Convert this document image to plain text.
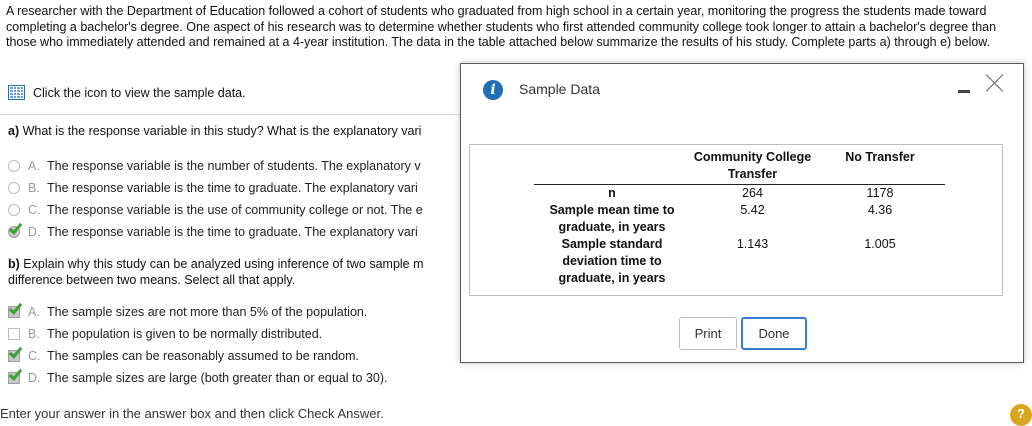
A researcher with the Department of Education followed a cohort of students who graduated from high school in a certain year, monitoring the progress the students made toward completing a bachelor's degree. One aspect of his research was to determine whether students who first attended community college took longer to attain a bachelor's degree than those who immediately attended and remained at a 4-year institution. The data in the table attached below summarize the results of his study. Complete parts a) through e) below.
Click the icon to view the sample data.
a) What is the response variable in this study? What is the explanatory vari
A. The response variable is the number of students. The explanatory v
B. The response variable is the time to graduate. The explanatory vari
C. The response variable is the use of community college or not. The e
D. The response variable is the time to graduate. The explanatory vari
b) Explain why this study can be analyzed using inference of two sample m
difference between two means. Select all that apply.
A. The sample sizes are not more than 5% of the population.
B. The population is given to be normally distributed.
C. The samples can be reasonably assumed to be random.
D. The sample sizes are large (both greater than or equal to 30).
Enter your answer in the answer box and then click Check Answer.	?
i	Sample Data
	Community College Transfer	No Transfer
n	264	1178
Sample mean time to graduate, in years	5.42	4.36
Sample standard deviation time to graduate, in years	1.143	1.005
Print	Done
